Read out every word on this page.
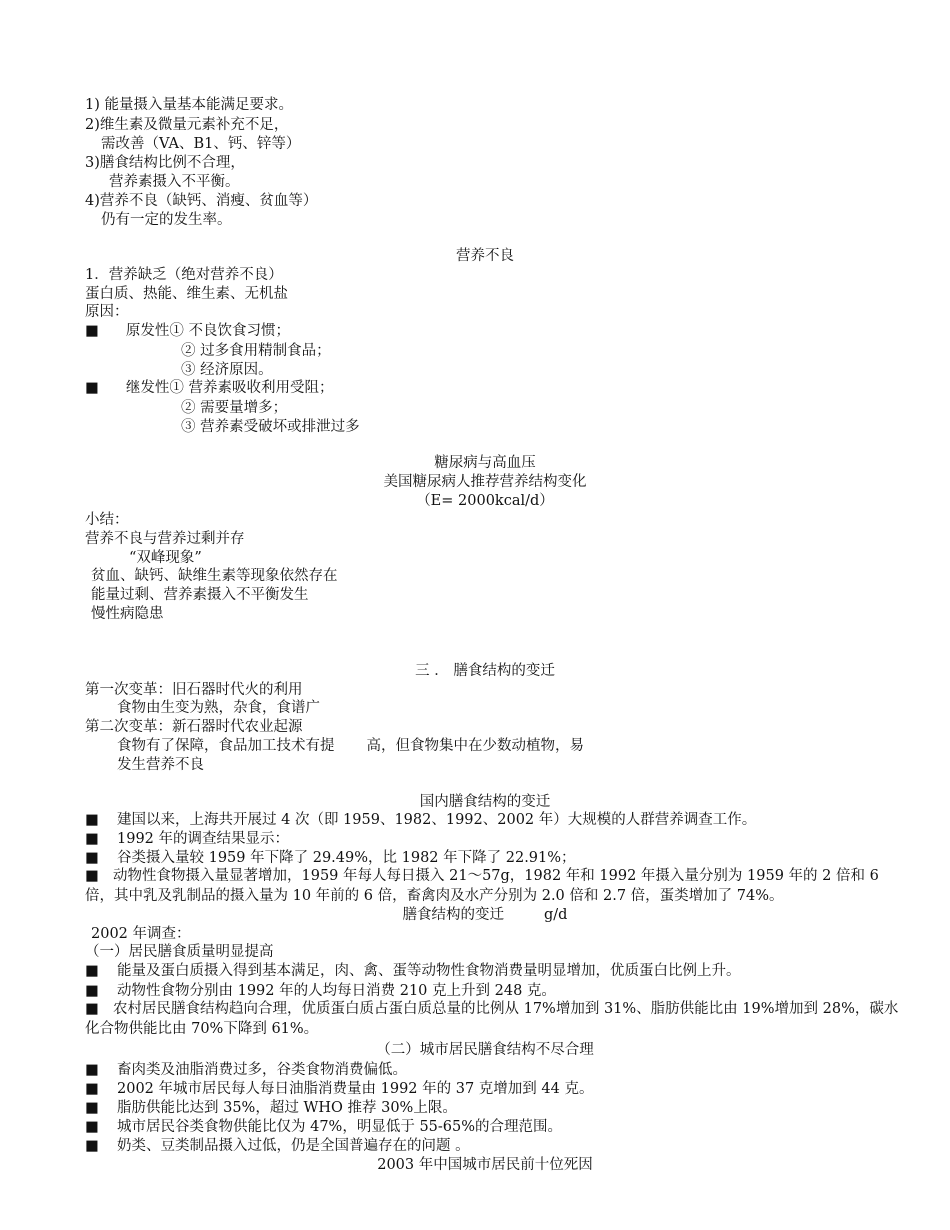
1) 能量摄入量基本能满足要求。
2)维生素及微量元素补充不足，
需改善（VA、B1、钙、锌等）
3)膳食结构比例不合理，
营养素摄入不平衡。
4)营养不良（缺钙、消瘦、贫血等）
仍有一定的发生率。
营养不良
1．营养缺乏（绝对营养不良）
蛋白质、热能、维生素、无机盐
原因：
■ 原发性① 不良饮食习惯；
② 过多食用精制食品；
③ 经济原因。
■ 继发性① 营养素吸收利用受阻；
② 需要量增多；
③ 营养素受破坏或排泄过多
糖尿病与高血压
美国糖尿病人推荐营养结构变化
（E= 2000kcal/d）
小结：
营养不良与营养过剩并存
“双峰现象”
贫血、缺钙、缺维生素等现象依然存在
能量过剩、营养素摄入不平衡发生
慢性病隐患
三 ． 膳食结构的变迁
第一次变革：旧石器时代火的利用
食物由生变为熟，杂食，食谱广
第二次变革：新石器时代农业起源
食物有了保障，食品加工技术有提 高，但食物集中在少数动植物，易
发生营养不良
国内膳食结构的变迁
■ 建国以来，上海共开展过 4 次（即 1959、1982、1992、2002 年）大规模的人群营养调查工作。
■ 1992 年的调查结果显示：
■ 谷类摄入量较 1959 年下降了 29.49%，比 1982 年下降了 22.91%；
■ 动物性食物摄入量显著增加，1959 年每人每日摄入 21～57g，1982 年和 1992 年摄入量分别为 1959 年的 2 倍和 6 倍，其中乳及乳制品的摄入量为 10 年前的 6 倍，畜禽肉及水产分别为 2.0 倍和 2.7 倍，蛋类增加了 74%。
膳食结构的变迁	g/d
2002 年调查：
（一）居民膳食质量明显提高
■ 能量及蛋白质摄入得到基本满足，肉、禽、蛋等动物性食物消费量明显增加，优质蛋白比例上升。
■ 动物性食物分别由 1992 年的人均每日消费 210 克上升到 248 克。
■ 农村居民膳食结构趋向合理，优质蛋白质占蛋白质总量的比例从 17%增加到 31%、脂肪供能比由 19%增加到 28%，碳水化合物供能比由 70%下降到 61%。
（二）城市居民膳食结构不尽合理
■ 畜肉类及油脂消费过多，谷类食物消费偏低。
■ 2002 年城市居民每人每日油脂消费量由 1992 年的 37 克增加到 44 克。
■ 脂肪供能比达到 35%，超过 WHO 推荐 30%上限。
■ 城市居民谷类食物供能比仅为 47%，明显低于 55-65%的合理范围。
■ 奶类、豆类制品摄入过低，仍是全国普遍存在的问题 。
2003 年中国城市居民前十位死因
